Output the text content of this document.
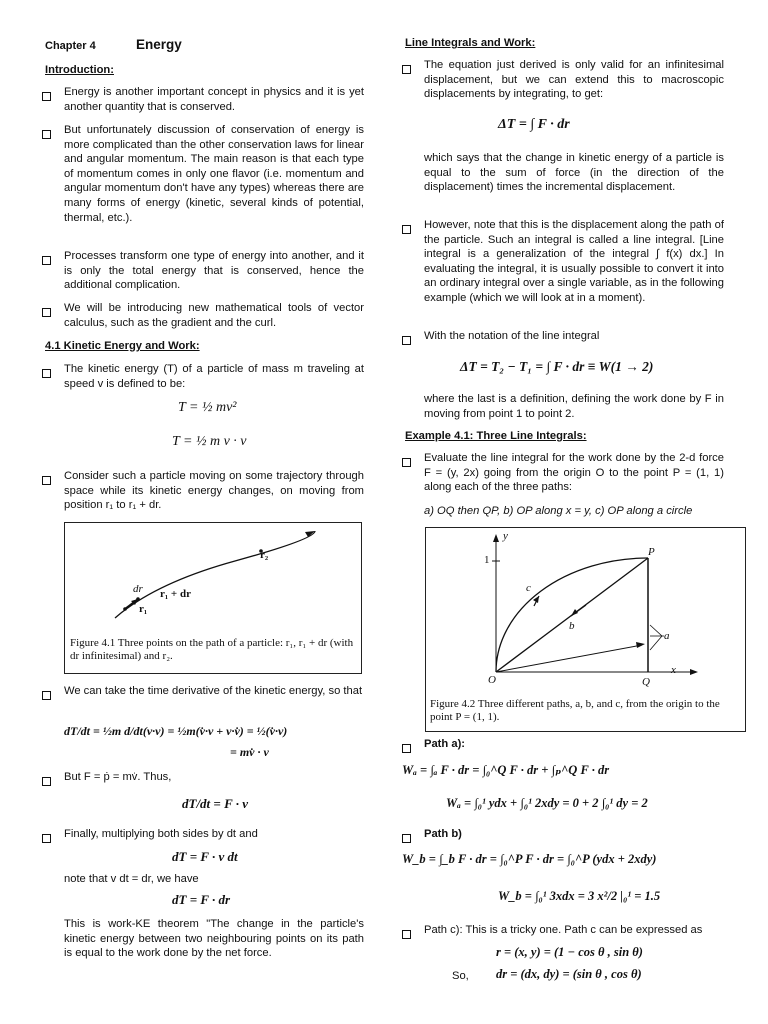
Chapter 4	Energy
Introduction:
Energy is another important concept in physics and it is yet another quantity that is conserved.
But unfortunately discussion of conservation of energy is more complicated than the other conservation laws for linear and angular momentum. The main reason is that each type of momentum comes in only one flavor (i.e. momentum and angular momentum don't have any types) whereas there are many forms of energy (kinetic, several kinds of potential, thermal, etc.).
Processes transform one type of energy into another, and it is only the total energy that is conserved, hence the additional complication.
We will be introducing new mathematical tools of vector calculus, such as the gradient and the curl.
4.1 Kinetic Energy and Work:
The kinetic energy (T) of a particle of mass m traveling at speed v is defined to be:
T = ½ mv²
T = ½ m v · v
Consider such a particle moving on some trajectory through space while its kinetic energy changes, on moving from position r₁ to r₁ + dr.
r₂
dr r₁ + dr
r₁
Figure 4.1 Three points on the path of a particle: r₁, r₁ + dr (with dr infinitesimal) and r₂.
We can take the time derivative of the kinetic energy, so that
dT/dt = ½m d/dt(v·v) = ½m(v̇·v + v·v̇) = ½(v̇·v)
= mv̇ · v
But F = ṗ = mv̇. Thus,
dT/dt = F · v
Finally, multiplying both sides by dt and
dT = F · v dt
note that v dt = dr, we have
dT = F · dr
This is work-KE theorem "The change in the particle's kinetic energy between two neighbouring points on its path is equal to the work done by the net force.
Line Integrals and Work:
The equation just derived is only valid for an infinitesimal displacement, but we can extend this to macroscopic displacements by integrating, to get:
ΔT = ∫ F · dr
which says that the change in kinetic energy of a particle is equal to the sum of force (in the direction of the displacement) times the incremental displacement.
However, note that this is the displacement along the path of the particle. Such an integral is called a line integral. [Line integral is a generalization of the integral ∫ f(x) dx.] In evaluating the integral, it is usually possible to convert it into an ordinary integral over a single variable, as in the following example (which we will look at in a moment).
With the notation of the line integral
ΔT = T₂ − T₁ = ∫ F · dr ≡ W(1 → 2)
where the last is a definition, defining the work done by F in moving from point 1 to point 2.
Example 4.1: Three Line Integrals:
Evaluate the line integral for the work done by the 2-d force F = (y, 2x) going from the origin O to the point P = (1, 1) along each of the three paths:
a) OQ then QP, b) OP along x = y, c) OP along a circle
y
1
P
c
b
a
x
O	Q
Figure 4.2 Three different paths, a, b, and c, from the origin to the point P = (1, 1).
Path a):
Wₐ = ∫ₐ F · dr = ∫₀^Q F · dr + ∫ₚ^Q F · dr
Wₐ = ∫₀¹ ydx + ∫₀¹ 2xdy = 0 + 2 ∫₀¹ dy = 2
Path b)
W_b = ∫_b F · dr = ∫₀^P F · dr = ∫₀^P (ydx + 2xdy)
W_b = ∫₀¹ 3xdx = 3 x²/2 |₀¹ = 1.5
Path c): This is a tricky one. Path c can be expressed as
r = (x, y) = (1 − cos θ , sin θ)
So, dr = (dx, dy) = (sin θ , cos θ)
